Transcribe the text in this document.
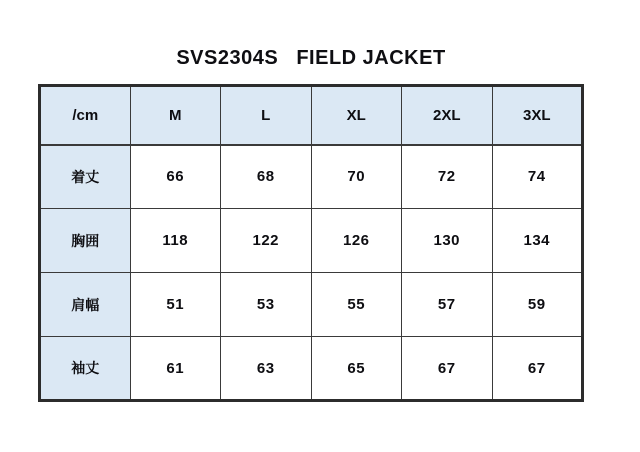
SVS2304S   FIELD JACKET
/cm	M	L	XL	2XL	3XL
着丈	66	68	70	72	74
胸囲	118	122	126	130	134
肩幅	51	53	55	57	59
袖丈	61	63	65	67	67
